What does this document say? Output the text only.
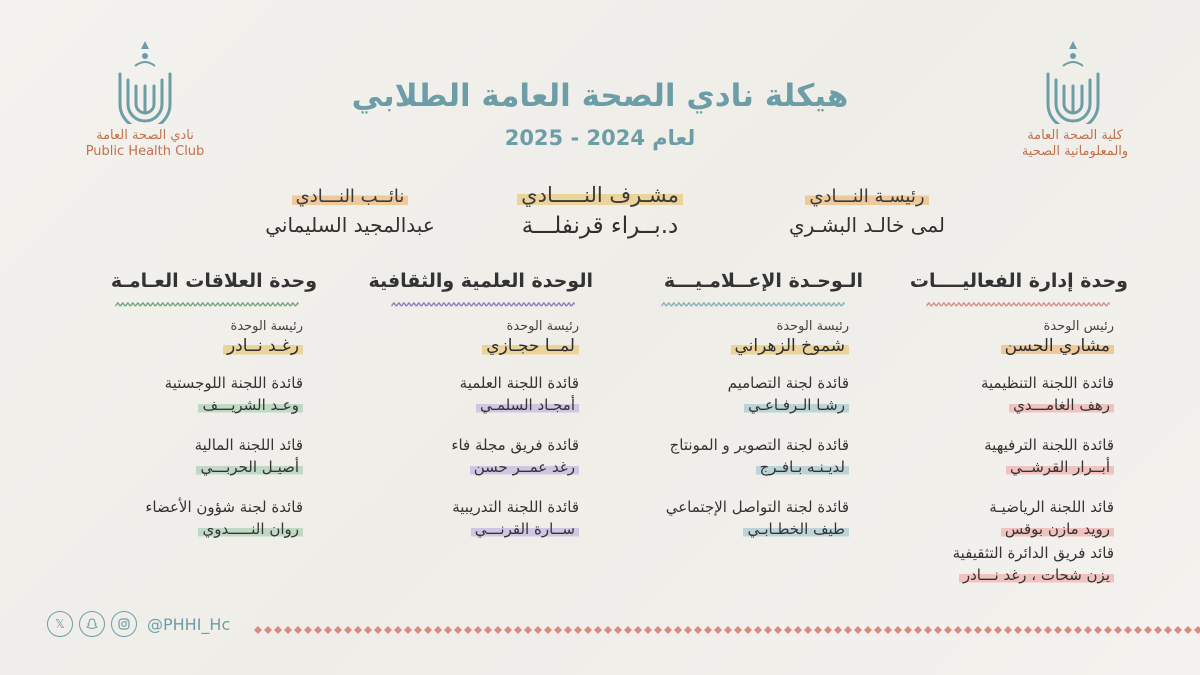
نادي الصحة العامة
Public Health Club
كلية الصحة العامة
والمعلوماتية الصحية
هيكلة نادي الصحة العامة الطلابي
لعام 2024 - 2025
مشـرف النـــــادي
د.بــراء قرنفلـــة
رئيسـة النـــادي
لمى خالـد البشـري
نائــب النـــادي
عبدالمجيد السليماني
وحدة إدارة الفعاليــــات
رئيس الوحدة
مشاري الحسن
قائدة اللجنة التنظيمية
رهف الغامـــدي
قائدة اللجنة الترفيهية
أبــرار القرشــي
قائد اللجنة الرياضيـة
رويد مازن بوقس
قائد فريق الدائرة التثقيفية
يزن شحات ، رغد نـــادر
الـوحـدة الإعــلامـيـــة
رئيسة الوحدة
شموخ الزهراني
قائدة لجنة التصاميم
رشـا الـرفـاعـي
قائدة لجنة التصوير و المونتاج
لديـنـه بـافـرج
قائدة لجنة التواصل الإجتماعي
طيف الخطـابـي
الوحدة العلمية والثقافية
رئيسة الوحدة
لمــا حجـازي
قائدة اللجنة العلمية
أمجـاد السلمـي
قائدة فريق مجلة فاء
رغد عمــر حسن
قائدة اللجنة التدريبية
ســارة القرنـــي
وحدة العلاقات العـامـة
رئيسة الوحدة
رغـد نــادر
قائدة اللجنة اللوجستية
وعـد الشريـــف
قائد اللجنة المالية
أصيـل الحربـــي
قائدة لجنة شؤون الأعضاء
روان النـــــدوي
𝕏	@PHHI_Hc
